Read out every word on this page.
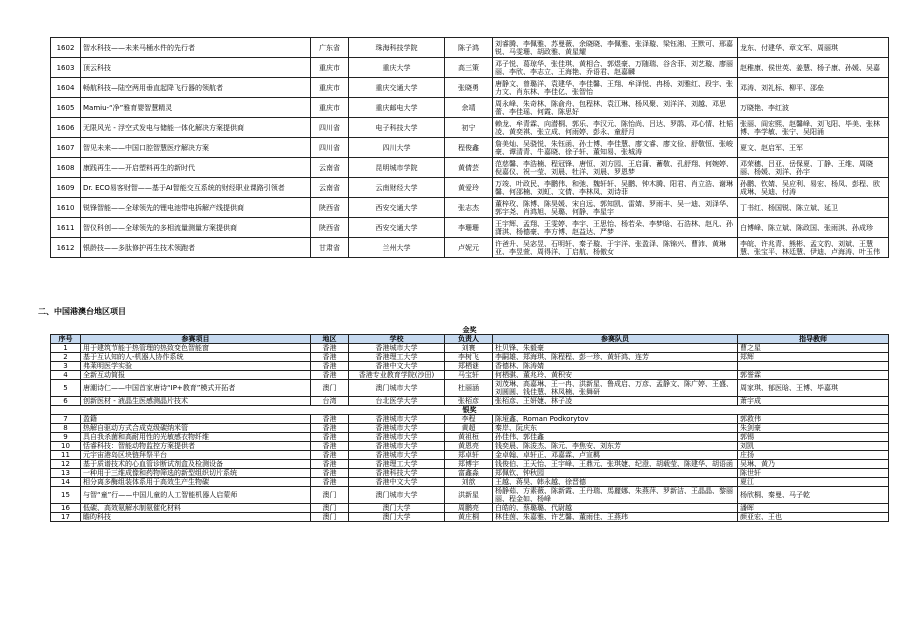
1602	智水科技——未来马桶水件的先行者	广东省	珠海科技学院	陈子鸿	刘睿腾、李佩雅、苏曼薇、余晓晓、李佩雅、张泽璇、梁钰湘、王默可、邢嘉锐、马雯珊、胡政雅、黄星耀	龙东、付建华、章文军、周丽琪
1603	顶云科技	重庆市	重庆大学	高三策	邓子悦、葛琼华、张佳琪、黄相合、郭煜豪、万随瑞、谷含菲、刘艺璇、廖丽丽、李欣、李志立、王海艳、乔语君、赵嘉麟	赵稚康、侯世英、姜慧、杨子康、孙媛、吴嘉
1604	畅航科技—陆空两用垂直起降飞行器的领航者	重庆市	重庆交通大学	张晓勇	唐静文、曾璐洋、袁建华、李佳馨、王翔、牟泽悦、冉杨、刘雅红、段宇、张力文、肖东林、李佳亿、张智怡	邓涛、刘礼标、柳平、邵垒
1605	Mamiu-“净”雅育婴智慧精灵	重庆市	重庆邮电大学	余靖	周永峰、朱奇林、陈俞舟、包程林、袁江琳、杨风聚、刘洋洋、刘越、邓思蕾、李佳瑶、何霞、陈思好	万晓艳、李红波
1606	无限风光 - 浮空式发电与储能一体化解决方案提供商	四川省	电子科技大学	初宁	赖龙、牟青霖、向潜桐、郭乐、李汉元、陈怡尚、吕达、罗鹃、邓心情、杜韬凌、黄奕祺、张立成、何雨婷、彭永、童舒月	张丽、阎宏熙、赵馨峰、刘飞阳、毕美、张林博、李学敏、张宁、吴阳涌
1607	智见未来——中国口腔智慧医疗解决方案	四川省	四川大学	程俊鑫	詹美灿、吴骁悦、朱钰函、孙士博、李佳慧、廖文睿、廖文俭、舒敬恒、张峻豪、谭清青、牛嘉晓、徐子轩、董知易、张城涛	夏文、赵启军、王军
1608	康践再生——开启塑料再生的新时代	云南省	昆明城市学院	黄倩芸	范慈馨、李浩楠、程冠锋、唐恒、刘方园、王启蒲、蓄敬、孔舒翔、何婉婷、倪嘉仪、祝一莹、刘晨、牡洋、刘晨、罗恩梦	邓荣穗、吕亚、岳保夏、丁静、王维、周晓丽、杨媛、刘洋、孙宇
1609	Dr. ECO易客财智——基于AI智能交互系统的财经职业课路引领者	云南省	云南财经大学	黄爱玲	万竣、叶政民、李鹏伟、和弛、魏轩轩、吴鹏、钟木腾、阳君、肖立浩、谢琳馨、何邵楠、刘虹、文倩、李林凤、刘诗菲	孙鹏、钦婧、吴应利、易宏、杨凤、彭程、欧成琳、吴迪、付涛
1610	锐锋智能——全球领先的锂电池带电拆解产线提供商	陕西省	西安交通大学	张志杰	董梓玫、陈博、陈昊媛、宋自远、郭知凯、雷婧、罗雨丰、吴一迪、刘泽华、郭宇尧、肖鸿旭、吴璐、何静、李星宇	丁书红、杨国锐、陈立斌、延卫
1611	智仪科创——全球领先的多相流量测量方案提供商	陕西省	西安交通大学	李珊珊	王宇辉、孟翔、王雯婷、李宇、王思怡、杨若朵、李梦晗、石浩林、赵凡、孙潇淇、杨德豪、李方博、赵益达、严梦	白博峰、陈立斌、陈政国、张雨淇、孙成珍
1612	银龄技——多肽修护再生技术领跑者	甘肃省	兰州大学	卢妮元	许爸升、吴宓昱、石明轩、秦子璇、于宇洋、张盈泽、陈锦兴、曹沛、黄琳亚、李昱萱、周得洋、丁启航、杨傲女	李皖、许兆青、熊彬、孟文豹、刘斌、王慧慧、张宝平、林廷慧、伊迪、卢海涛、叶玉伟
二、中国港澳台地区项目
金奖						
序号	参赛项目	地区	学校	负责人	参赛队员	指导教师
1	用于建筑节能于热管理的热致变色智能窗	香港	香港城市大学	刘寰	杜贝锋、朱毅豪	曹之星
2	基于互认知的人-机器人协作系统	香港	香港理工大学	李树飞	李嗣雄、郑海琪、陈程程、彭一珍、黄轩鸿、连芳	郑辉
3	弗莱明医学实验	香港	香港中文大学	郑栖谜	香德林、陈涛婧	
4	全新互动简报	香港	香港专业教育学院(沙田)	马宝轩	何栖骐、董兆玲、黄积安	郭誉霖
5	唐潮诗仁——中国首家唐诗“IP+教育”模式开拓者	澳门	澳门城市大学	杜丽涵	刘茂琳、高嘉琳、王一冉、洪新星、鲁成启、万彦、孟静文、陈广婷、王盛、刘圆圆、钱佳慧、林凤楠、张舞研	周家琪、郁医晗、王博、毕嘉琪
6	创新医材 - 液晶生医感测晶片技术	台湾	台北医学大学	张栢彦	张栢彦、王妍婕、林子凌	萧宇成
银奖						
7	盈籍	香港	香港城市大学	李程	陈垭鑫、Roman Podkorytov	郭救伟
8	热解自驱动方式合成克级碳纳米管	香港	香港城市大学	黄超	秦岸、阮庆东	朱剑豪
9	具自我杀菌和高耐用性的光敏感衣物纤维	香港	香港城市大学	黄祖桓	孙佳伟、郭佳鑫	郭锡
10	恬睿科技：智能动物监控方案提供者	香港	香港城市大学	黄恩亮	钱奕晨、陈浚杰、陈元、李焦安、刘东芳	刘凯
11	元宇宙港岛区块链拜祭平台	香港	香港城市大学	郑卓轩	金卓翰、卓轩正、邓嘉霖、卢宣羁	庄扬
12	基于质谱技术的心血管诊断试剂盒及检测设备	香港	香港理工大学	郑博宇	钱俊伯、王天怡、王宇峰、王鼎元、张琪婕、纪澄、胡载莹、陈建华、胡语函	吴琳、黄乃
13	一种用于三维成像和药物筛选的新型组织切片系统	香港	香港科技大学	富鑫淼	郑佩钦、钟秋园	陈世轩
14	相分离多酶组装体系用于高效生产生物碳	香港	香港中文大学	刘歆	王越、蒋昊、韩永越、徐晋德	夏江
15	与智“童”行——中国儿童的人工智能机器人启蒙师	澳门	澳门城市大学	洪新星	杨静茹、方素薇、陈新霞、王丹瑞、馬麗娜、朱燕萍、罗新洁、王晶晶、黎丽丽、程金如、杨峰	杨欣桐、秦曼、马子乾
16	低碳、高效氨解水制氨催化材料	澳门	澳门大学	周鹏亮	白皓的、蔡璐璐、代尉越	潘晖
17	瞻昀科技	澳门	澳门大学	黄庄桐	林佳茵、朱嘉雅、许艺馨、董雨佳、王燕玮	颜亚宏、王也
